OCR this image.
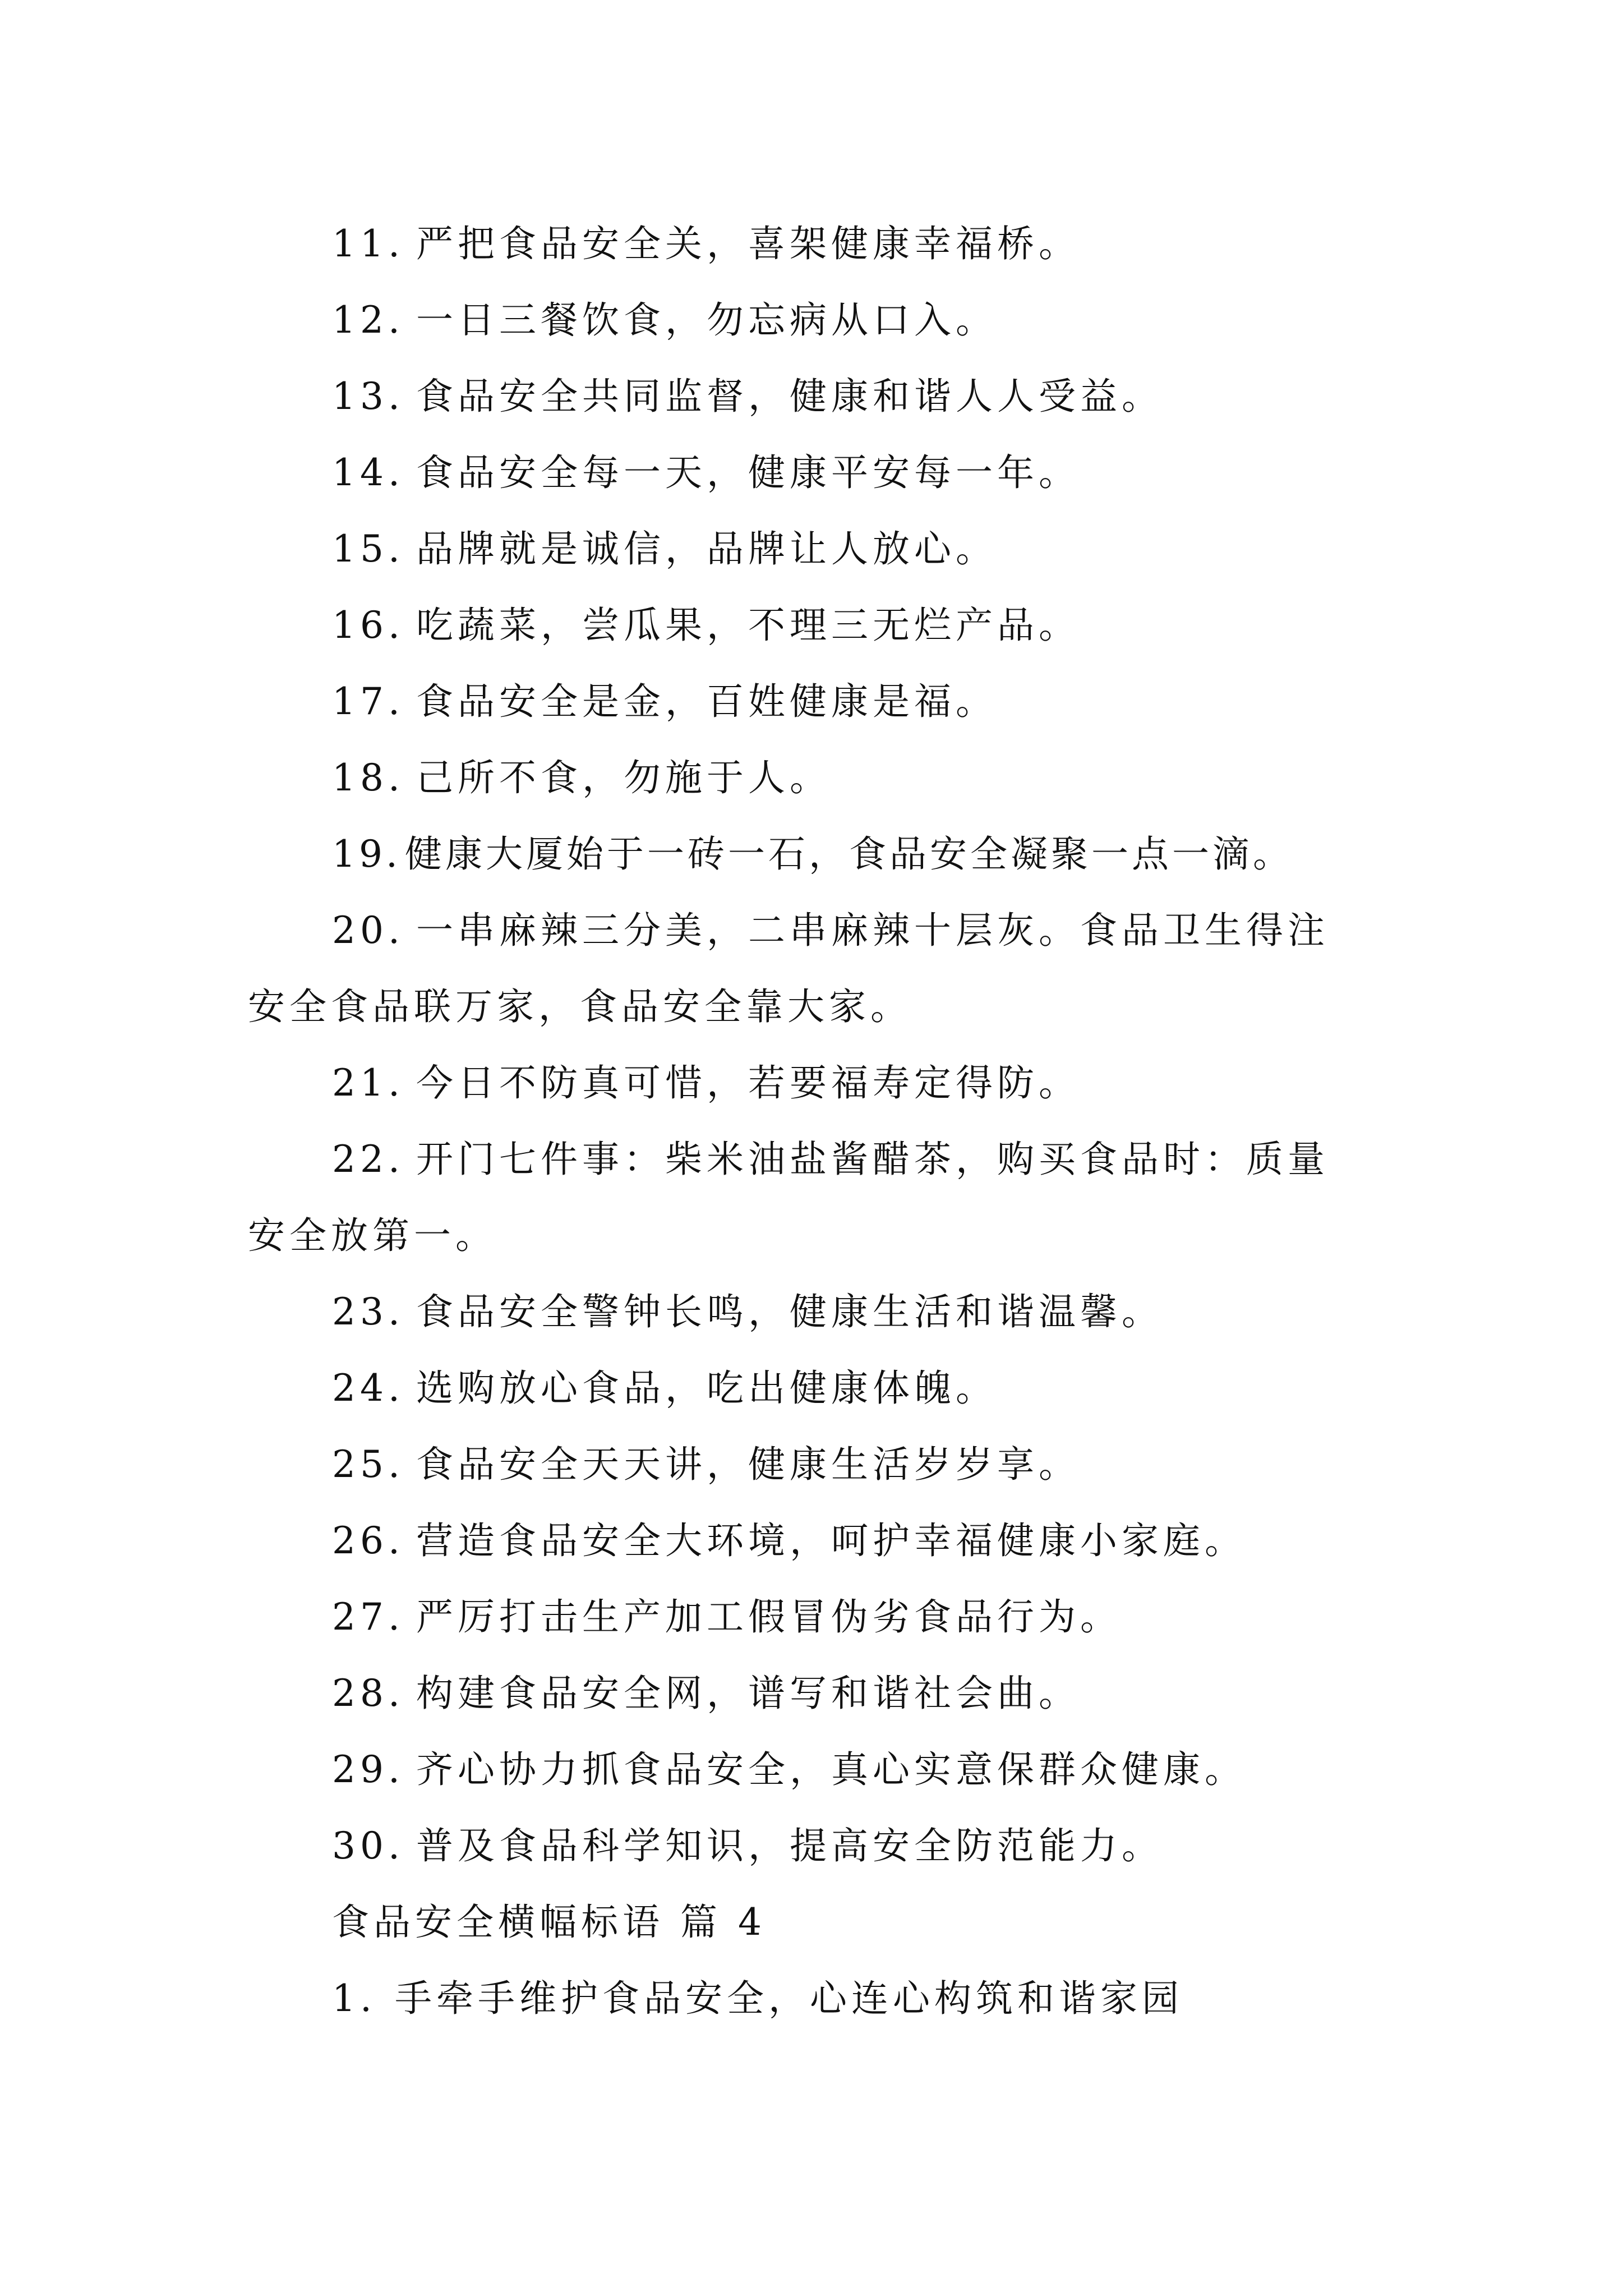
11. 严把食品安全关，喜架健康幸福桥。
12. 一日三餐饮食，勿忘病从口入。
13. 食品安全共同监督，健康和谐人人受益。
14. 食品安全每一天，健康平安每一年。
15. 品牌就是诚信，品牌让人放心。
16. 吃蔬菜，尝瓜果，不理三无烂产品。
17. 食品安全是金，百姓健康是福。
18. 己所不食，勿施于人。
19. 健康大厦始于一砖一石，食品安全凝聚一点一滴。
20. 一串麻辣三分美，二串麻辣十层灰。食品卫生得注
安全食品联万家，食品安全靠大家。
21. 今日不防真可惜，若要福寿定得防。
22. 开门七件事：柴米油盐酱醋茶，购买食品时：质量
安全放第一。
23. 食品安全警钟长鸣，健康生活和谐温馨。
24. 选购放心食品，吃出健康体魄。
25. 食品安全天天讲，健康生活岁岁享。
26. 营造食品安全大环境，呵护幸福健康小家庭。
27. 严厉打击生产加工假冒伪劣食品行为。
28. 构建食品安全网，谱写和谐社会曲。
29. 齐心协力抓食品安全，真心实意保群众健康。
30. 普及食品科学知识，提高安全防范能力。
食品安全横幅标语 篇 4
1. 手牵手维护食品安全，心连心构筑和谐家园
